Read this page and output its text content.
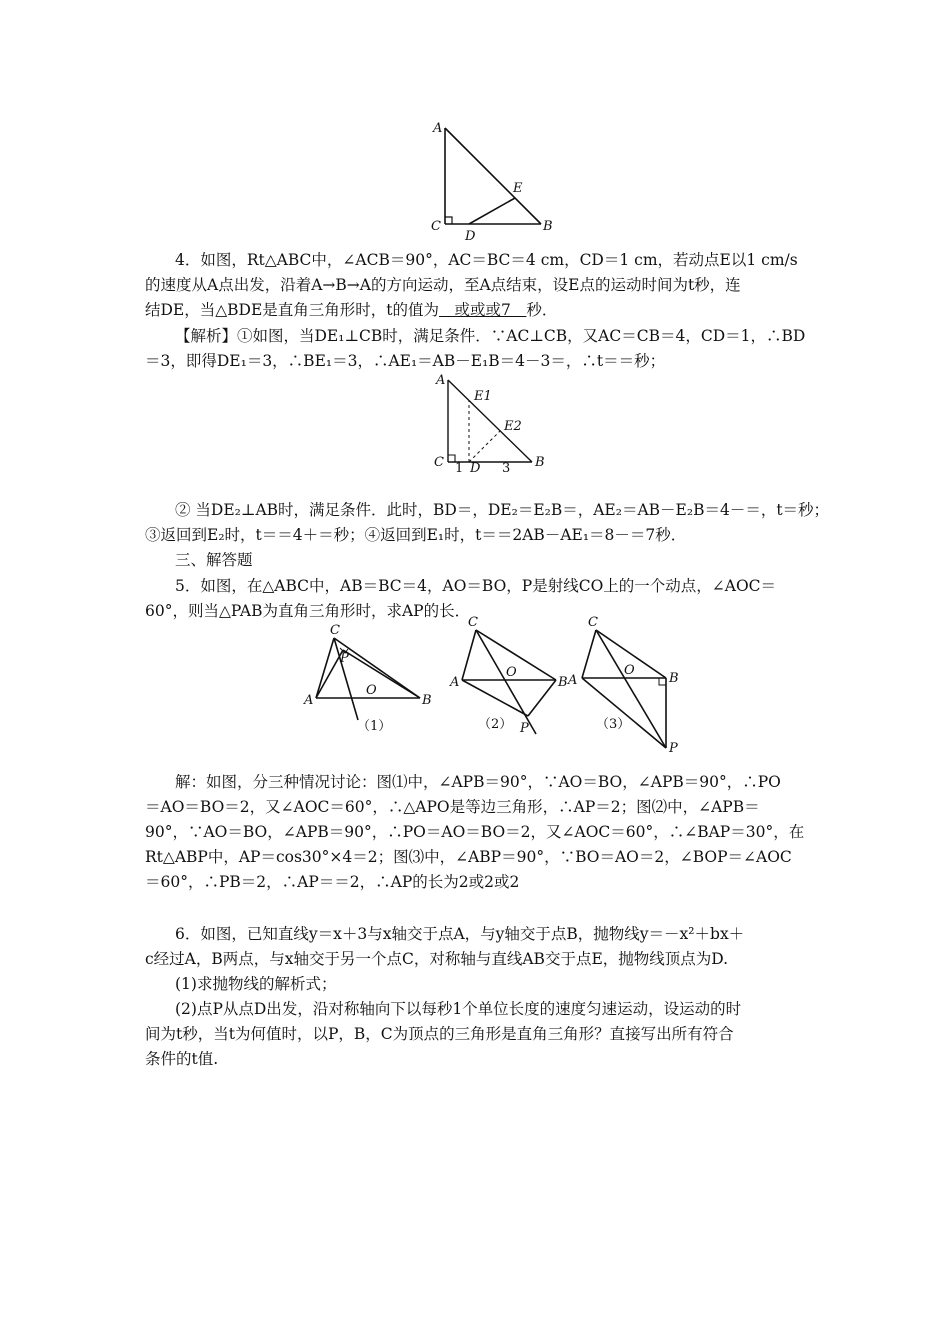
A
C
D
E
B
4．如图，Rt△ABC中，∠ACB＝90°，AC＝BC＝4 cm，CD＝1 cm，若动点E以1 cm/s
的速度从A点出发，沿着A→B→A的方向运动，至A点结束，设E点的运动时间为t秒，连
结DE，当△BDE是直角三角形时，t的值为　或或或7　秒．
【解析】①如图，当DE₁⊥CB时，满足条件．∵AC⊥CB，又AC＝CB＝4，CD＝1，∴BD
＝3，即得DE₁＝3，∴BE₁＝3，∴AE₁＝AB－E₁B＝4－3＝，∴t＝＝秒；
A
E1
E2
C 1 D 3 B
② 当DE₂⊥AB时，满足条件．此时，BD＝，DE₂＝E₂B＝，AE₂＝AB－E₂B＝4－＝，t＝秒；
③返回到E₂时，t＝＝4＋＝秒；④返回到E₁时，t＝＝2AB－AE₁＝8－＝7秒．
三、解答题
5．如图，在△ABC中，AB＝BC＝4，AO＝BO，P是射线CO上的一个动点，∠AOC＝
60°，则当△PAB为直角三角形时，求AP的长．
C
P
A
O
B
（1）
C
O
A	B
P
（2）
C
O
A	B
P
（3）
解：如图，分三种情况讨论：图⑴中，∠APB＝90°，∵AO＝BO，∠APB＝90°，∴PO
＝AO＝BO＝2，又∠AOC＝60°，∴△APO是等边三角形，∴AP＝2；图⑵中，∠APB＝
90°，∵AO＝BO，∠APB＝90°，∴PO＝AO＝BO＝2，又∠AOC＝60°，∴∠BAP＝30°，在
Rt△ABP中，AP＝cos30°×4＝2；图⑶中，∠ABP＝90°，∵BO＝AO＝2，∠BOP＝∠AOC
＝60°，∴PB＝2，∴AP＝＝2，∴AP的长为2或2或2
6．如图，已知直线y＝x＋3与x轴交于点A，与y轴交于点B，抛物线y＝－x²＋bx＋
c经过A，B两点，与x轴交于另一个点C，对称轴与直线AB交于点E，抛物线顶点为D.
(1)求抛物线的解析式；
(2)点P从点D出发，沿对称轴向下以每秒1个单位长度的速度匀速运动，设运动的时
间为t秒，当t为何值时，以P，B，C为顶点的三角形是直角三角形？直接写出所有符合
条件的t值.
